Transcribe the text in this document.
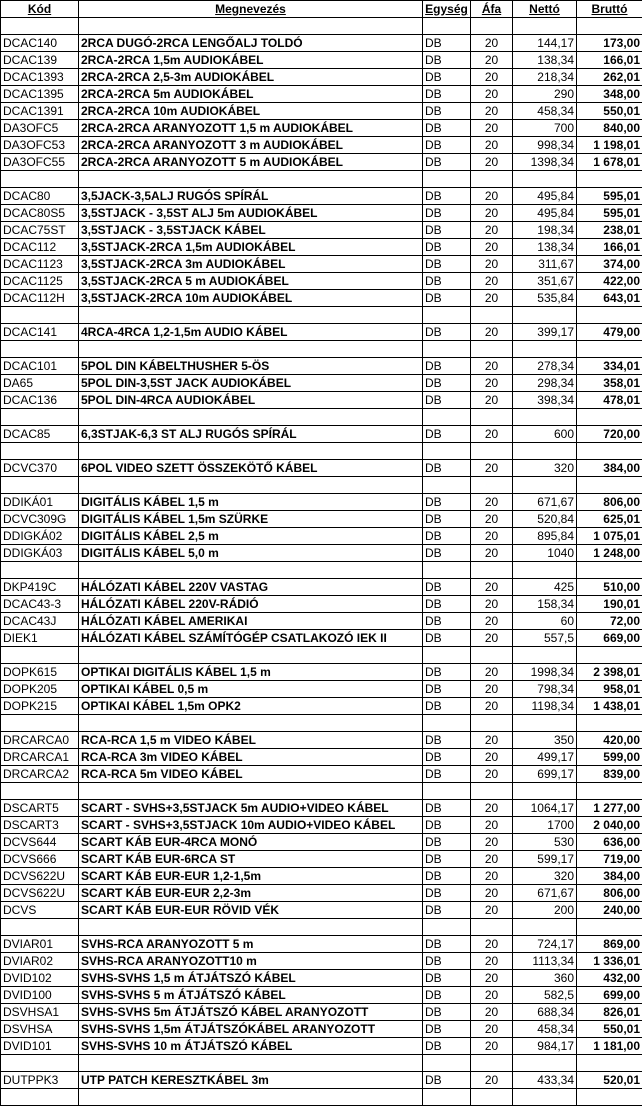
Kód	Megnevezés	Egység	Áfa	Nettó	Bruttó

DCAC140	2RCA DUGÓ-2RCA LENGŐALJ TOLDÓ	DB	20	144,17	173,00
DCAC139	2RCA-2RCA 1,5m AUDIOKÁBEL	DB	20	138,34	166,01
DCAC1393	2RCA-2RCA 2,5-3m AUDIOKÁBEL	DB	20	218,34	262,01
DCAC1395	2RCA-2RCA 5m AUDIOKÁBEL	DB	20	290	348,00
DCAC1391	2RCA-2RCA 10m AUDIOKÁBEL	DB	20	458,34	550,01
DA3OFC5	2RCA-2RCA ARANYOZOTT 1,5 m AUDIOKÁBEL	DB	20	700	840,00
DA3OFC53	2RCA-2RCA ARANYOZOTT 3 m AUDIOKÁBEL	DB	20	998,34	1 198,01
DA3OFC55	2RCA-2RCA ARANYOZOTT 5 m AUDIOKÁBEL	DB	20	1398,34	1 678,01

DCAC80	3,5JACK-3,5ALJ RUGÓS SPÍRÁL	DB	20	495,84	595,01
DCAC80S5	3,5STJACK - 3,5ST ALJ 5m AUDIOKÁBEL	DB	20	495,84	595,01
DCAC75ST	3,5STJACK - 3,5STJACK KÁBEL	DB	20	198,34	238,01
DCAC112	3,5STJACK-2RCA 1,5m AUDIOKÁBEL	DB	20	138,34	166,01
DCAC1123	3,5STJACK-2RCA 3m AUDIOKÁBEL	DB	20	311,67	374,00
DCAC1125	3,5STJACK-2RCA 5 m AUDIOKÁBEL	DB	20	351,67	422,00
DCAC112H	3,5STJACK-2RCA 10m AUDIOKÁBEL	DB	20	535,84	643,01

DCAC141	4RCA-4RCA 1,2-1,5m AUDIO KÁBEL	DB	20	399,17	479,00

DCAC101	5POL DIN KÁBELTHUSHER 5-ÖS	DB	20	278,34	334,01
DA65	5POL DIN-3,5ST JACK AUDIOKÁBEL	DB	20	298,34	358,01
DCAC136	5POL DIN-4RCA AUDIOKÁBEL	DB	20	398,34	478,01

DCAC85	6,3STJAK-6,3 ST ALJ RUGÓS SPÍRÁL	DB	20	600	720,00

DCVC370	6POL VIDEO SZETT ÖSSZEKÖTŐ KÁBEL	DB	20	320	384,00

DDIKÁ01	DIGITÁLIS KÁBEL 1,5 m	DB	20	671,67	806,00
DCVC309G	DIGITÁLIS KÁBEL 1,5m SZÜRKE	DB	20	520,84	625,01
DDIGKÁ02	DIGITÁLIS KÁBEL 2,5 m	DB	20	895,84	1 075,01
DDIGKÁ03	DIGITÁLIS KÁBEL 5,0 m	DB	20	1040	1 248,00

DKP419C	HÁLÓZATI KÁBEL 220V VASTAG	DB	20	425	510,00
DCAC43-3	HÁLÓZATI KÁBEL 220V-RÁDIÓ	DB	20	158,34	190,01
DCAC43J	HÁLÓZATI KÁBEL AMERIKAI	DB	20	60	72,00
DIEK1	HÁLÓZATI KÁBEL SZÁMÍTÓGÉP CSATLAKOZÓ IEK II	DB	20	557,5	669,00

DOPK615	OPTIKAI DIGITÁLIS KÁBEL 1,5 m	DB	20	1998,34	2 398,01
DOPK205	OPTIKAI KÁBEL 0,5 m	DB	20	798,34	958,01
DOPK215	OPTIKAI KÁBEL 1,5m OPK2	DB	20	1198,34	1 438,01

DRCARCA0	RCA-RCA 1,5 m VIDEO KÁBEL	DB	20	350	420,00
DRCARCA1	RCA-RCA 3m VIDEO KÁBEL	DB	20	499,17	599,00
DRCARCA2	RCA-RCA 5m VIDEO KÁBEL	DB	20	699,17	839,00

DSCART5	SCART - SVHS+3,5STJACK 5m AUDIO+VIDEO KÁBEL	DB	20	1064,17	1 277,00
DSCART3	SCART - SVHS+3,5STJACK 10m AUDIO+VIDEO KÁBEL	DB	20	1700	2 040,00
DCVS644	SCART KÁB EUR-4RCA MONÓ	DB	20	530	636,00
DCVS666	SCART KÁB EUR-6RCA ST	DB	20	599,17	719,00
DCVS622U	SCART KÁB EUR-EUR 1,2-1,5m	DB	20	320	384,00
DCVS622U	SCART KÁB EUR-EUR 2,2-3m	DB	20	671,67	806,00
DCVS	SCART KÁB EUR-EUR RÖVID VÉK	DB	20	200	240,00

DVIAR01	SVHS-RCA ARANYOZOTT 5 m	DB	20	724,17	869,00
DVIAR02	SVHS-RCA ARANYOZOTT10 m	DB	20	1113,34	1 336,01
DVID102	SVHS-SVHS 1,5 m ÁTJÁTSZÓ KÁBEL	DB	20	360	432,00
DVID100	SVHS-SVHS 5 m ÁTJÁTSZÓ KÁBEL	DB	20	582,5	699,00
DSVHSA1	SVHS-SVHS 5m ÁTJÁTSZÓ KÁBEL ARANYOZOTT	DB	20	688,34	826,01
DSVHSA	SVHS-SVHS 1,5m ÁTJÁTSZÓKÁBEL ARANYOZOTT	DB	20	458,34	550,01
DVID101	SVHS-SVHS 10 m ÁTJÁTSZÓ KÁBEL	DB	20	984,17	1 181,00

DUTPPK3	UTP PATCH KERESZTKÁBEL 3m	DB	20	433,34	520,01
